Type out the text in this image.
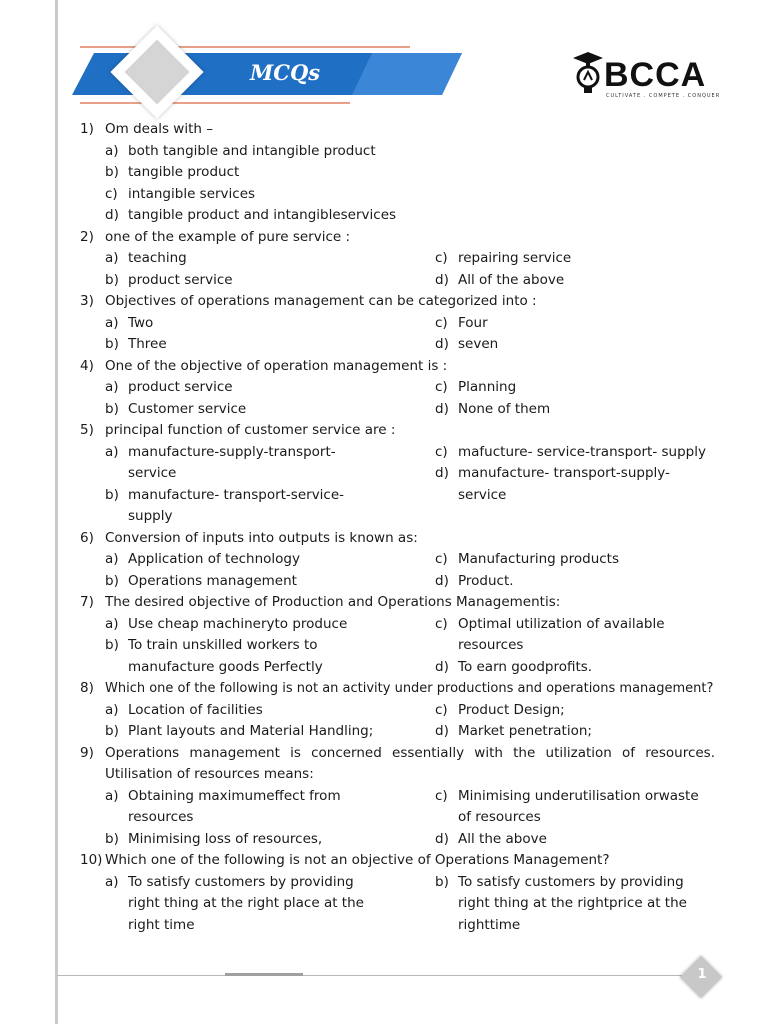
MCQs	BCCA
CULTIVATE . COMPETE . CONQUER
1) Om deals with –
a) both tangible and intangible product
b) tangible product
c) intangible services
d) tangible product and intangibleservices
2) one of the example of pure service :
a) teaching	c) repairing service
b) product service	d) All of the above
3) Objectives of operations management can be categorized into :
a) Two	c) Four
b) Three	d) seven
4) One of the objective of operation management is :
a) product service	c) Planning
b) Customer service	d) None of them
5) principal function of customer service are :
a) manufacture-supply-transport-	c) mafucture- service-transport- supply
service	d) manufacture- transport-supply-
b) manufacture- transport-service-	service
supply
6) Conversion of inputs into outputs is known as:
a) Application of technology	c) Manufacturing products
b) Operations management	d) Product.
7) The desired objective of Production and Operations Managementis:
a) Use cheap machineryto produce	c) Optimal utilization of available
b) To train unskilled workers to	resources
manufacture goods Perfectly	d) To earn goodprofits.
8) Which one of the following is not an activity under productions and operations management?
a) Location of facilities	c) Product Design;
b) Plant layouts and Material Handling;	d) Market penetration;
9) Operations management is concerned essentially with the utilization of resources.
Utilisation of resources means:
a) Obtaining maximumeffect from	c) Minimising underutilisation orwaste
resources	of resources
b) Minimising loss of resources,	d) All the above
10) Which one of the following is not an objective of Operations Management?
a) To satisfy customers by providing	b) To satisfy customers by providing
right thing at the right place at the	right thing at the rightprice at the
right time	righttime
1
